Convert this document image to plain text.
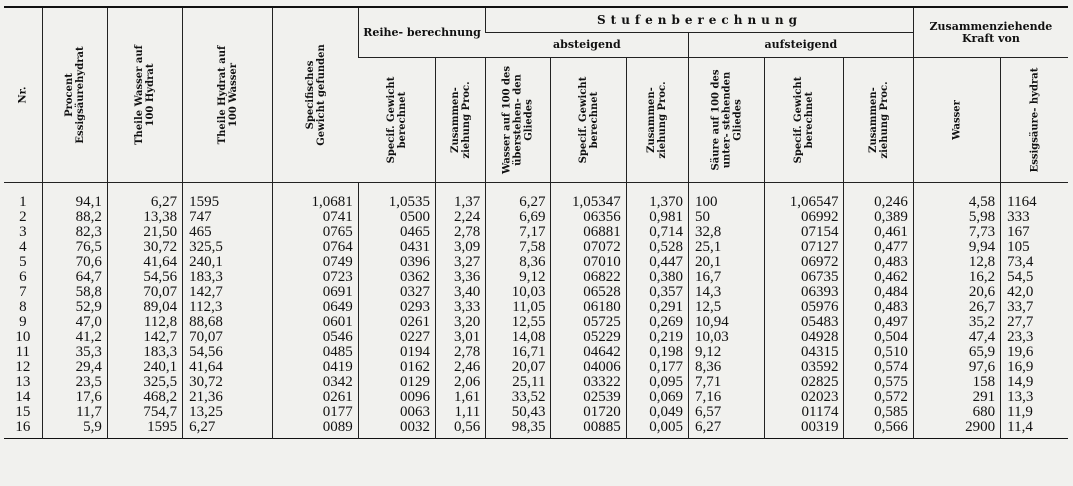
Nr.	Procent Essigsäurehydrat	Theile Wasser auf 100 Hydrat	Theile Hydrat auf 100 Wasser	Specifisches Gewicht gefunden	Reihe- berechnung		Stufenberechnung						Zusammenziehende Kraft von	
							absteigend			aufsteigend				

					Specif. Gewicht berechnet	Zusammen- ziehung Proc.	Wasser auf 100 des überstehen- den Gliedes	Specif. Gewicht berechnet	Zusammen- ziehung Proc.	Säure auf 100 des unter- stehenden Gliedes	Specif. Gewicht berechnet	Zusammen- ziehung Proc.	Wasser	Essigsäure- hydrat

1	94,1	6,27	1595	1,0681	1,0535	1,37	6,27	1,05347	1,370	100	1,06547	0,246	4,58	1164
2	88,2	13,38	747	0741	0500	2,24	6,69	06356	0,981	50	06992	0,389	5,98	333
3	82,3	21,50	465	0765	0465	2,78	7,17	06881	0,714	32,8	07154	0,461	7,73	167
4	76,5	30,72	325,5	0764	0431	3,09	7,58	07072	0,528	25,1	07127	0,477	9,94	105
5	70,6	41,64	240,1	0749	0396	3,27	8,36	07010	0,447	20,1	06972	0,483	12,8	73,4
6	64,7	54,56	183,3	0723	0362	3,36	9,12	06822	0,380	16,7	06735	0,462	16,2	54,5
7	58,8	70,07	142,7	0691	0327	3,40	10,03	06528	0,357	14,3	06393	0,484	20,6	42,0
8	52,9	89,04	112,3	0649	0293	3,33	11,05	06180	0,291	12,5	05976	0,483	26,7	33,7
9	47,0	112,8	88,68	0601	0261	3,20	12,55	05725	0,269	10,94	05483	0,497	35,2	27,7
10	41,2	142,7	70,07	0546	0227	3,01	14,08	05229	0,219	10,03	04928	0,504	47,4	23,3
11	35,3	183,3	54,56	0485	0194	2,78	16,71	04642	0,198	9,12	04315	0,510	65,9	19,6
12	29,4	240,1	41,64	0419	0162	2,46	20,07	04006	0,177	8,36	03592	0,574	97,6	16,9
13	23,5	325,5	30,72	0342	0129	2,06	25,11	03322	0,095	7,71	02825	0,575	158	14,9
14	17,6	468,2	21,36	0261	0096	1,61	33,52	02539	0,069	7,16	02023	0,572	291	13,3
15	11,7	754,7	13,25	0177	0063	1,11	50,43	01720	0,049	6,57	01174	0,585	680	11,9
16	5,9	1595	6,27	0089	0032	0,56	98,35	00885	0,005	6,27	00319	0,566	2900	11,4
